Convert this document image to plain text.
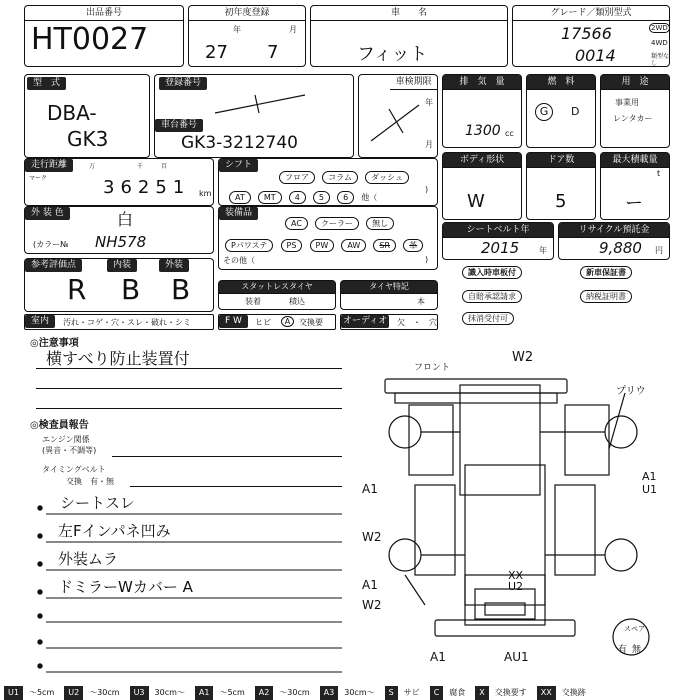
出品番号
HT0027
初年度登録
年	月
27 7
車　　名
フィット
グレード／類別型式
17566
0014
2WD
4WD
類型なし
型　式
DBA-
GK3
登録番号
車台番号
GK3-3212740
車検期限
年
月
排　気　量
1300 cc
燃　料
G	D
用　途
事業用
レンタカー
走行距離
マーク
万	千	百
3 6 2 5 1 km
シフト
フロア コラム ダッシュ
AT MT 4 5 6 他（
)
ボディ形状
W
ドア数
5
最大積載量
t
ー
外 装 色	白
(カラー№ NH578
装備品
AC クーラー 無し
Pパワステ PS PW AW SR 革
その他（	)
シートベルト年
2015 年
リサイクル預託金
9,880 円
参考評価点	内装	外装
R B B	スタットレスタイヤ
装着	積込
タイヤ特記
本
識入時車板付	新車保証書
自賠承認請求	納税証明書
抹消受付可
室内	汚れ・コゲ・穴・スレ・破れ・シミ	F W	ヒビ	A	交換要 オーディオ 欠　・　穴
◎注意事項
横すべり防止装置付
◎検査員報告
エンジン関係
(異音・不調等)
タイミングベルト
交換　有・無
シートスレ
左Fインパネ凹み
外装ムラ
ドミラーWカバー A
フロント
W2
プリウ
A1
A1 U1
W2
A1
W2
XX U2
A1	AU1	有 無
スペア
U1	～5cm	U2	～30cm	U3	30cm～	A1	～5cm	A2	～30cm	A3	30cm～	S	サビ	C	腐食	X	交換要す	XX	交換跡
